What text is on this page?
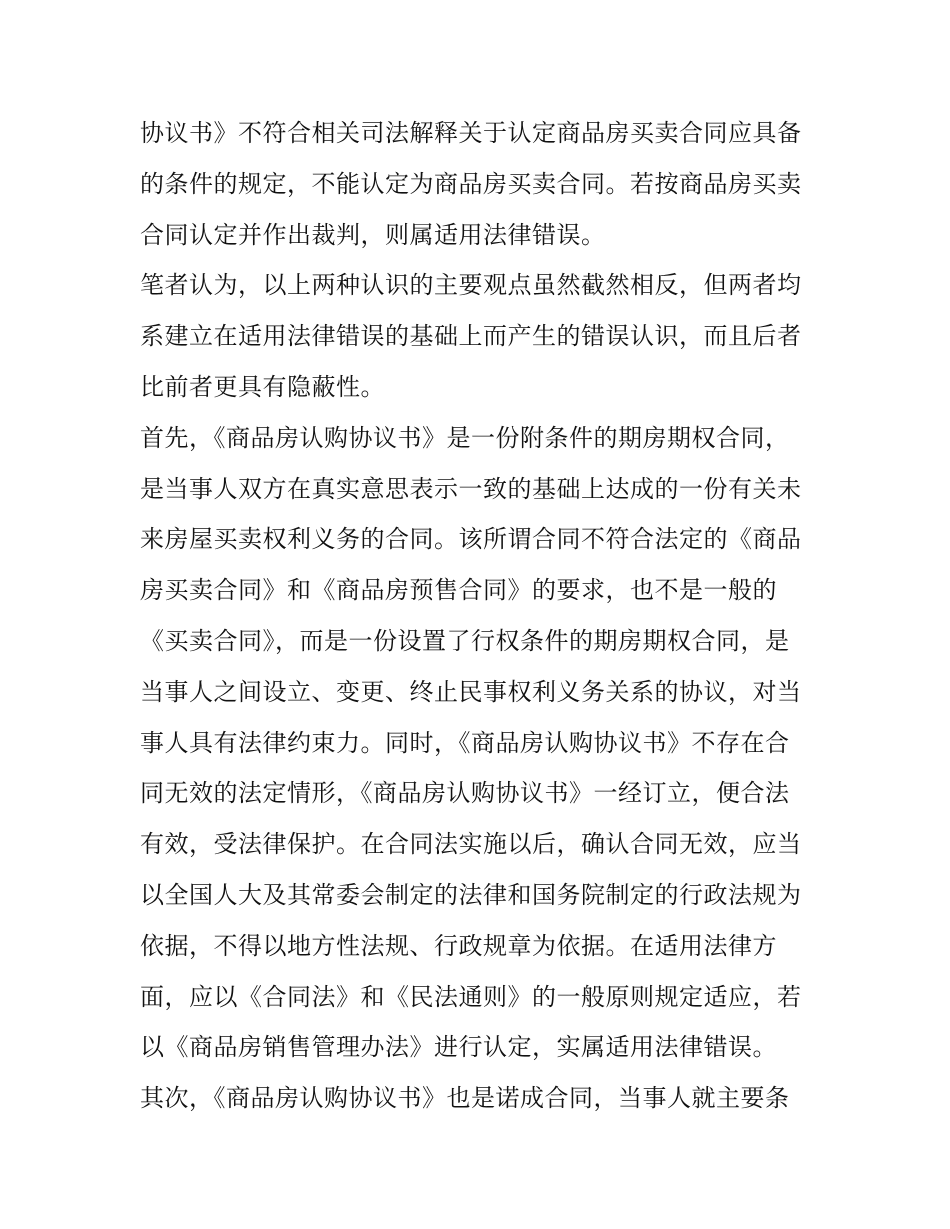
协议书》不符合相关司法解释关于认定商品房买卖合同应具备
的条件的规定，不能认定为商品房买卖合同。若按商品房买卖
合同认定并作出裁判，则属适用法律错误。
笔者认为，以上两种认识的主要观点虽然截然相反，但两者均
系建立在适用法律错误的基础上而产生的错误认识，而且后者
比前者更具有隐蔽性。
首先，《商品房认购协议书》是一份附条件的期房期权合同，
是当事人双方在真实意思表示一致的基础上达成的一份有关未
来房屋买卖权利义务的合同。该所谓合同不符合法定的《商品
房买卖合同》和《商品房预售合同》的要求，也不是一般的
《买卖合同》，而是一份设置了行权条件的期房期权合同，是
当事人之间设立、变更、终止民事权利义务关系的协议，对当
事人具有法律约束力。同时，《商品房认购协议书》不存在合
同无效的法定情形，《商品房认购协议书》一经订立，便合法
有效，受法律保护。在合同法实施以后，确认合同无效，应当
以全国人大及其常委会制定的法律和国务院制定的行政法规为
依据，不得以地方性法规、行政规章为依据。在适用法律方
面，应以《合同法》和《民法通则》的一般原则规定适应，若
以《商品房销售管理办法》进行认定，实属适用法律错误。
其次，《商品房认购协议书》也是诺成合同，当事人就主要条
